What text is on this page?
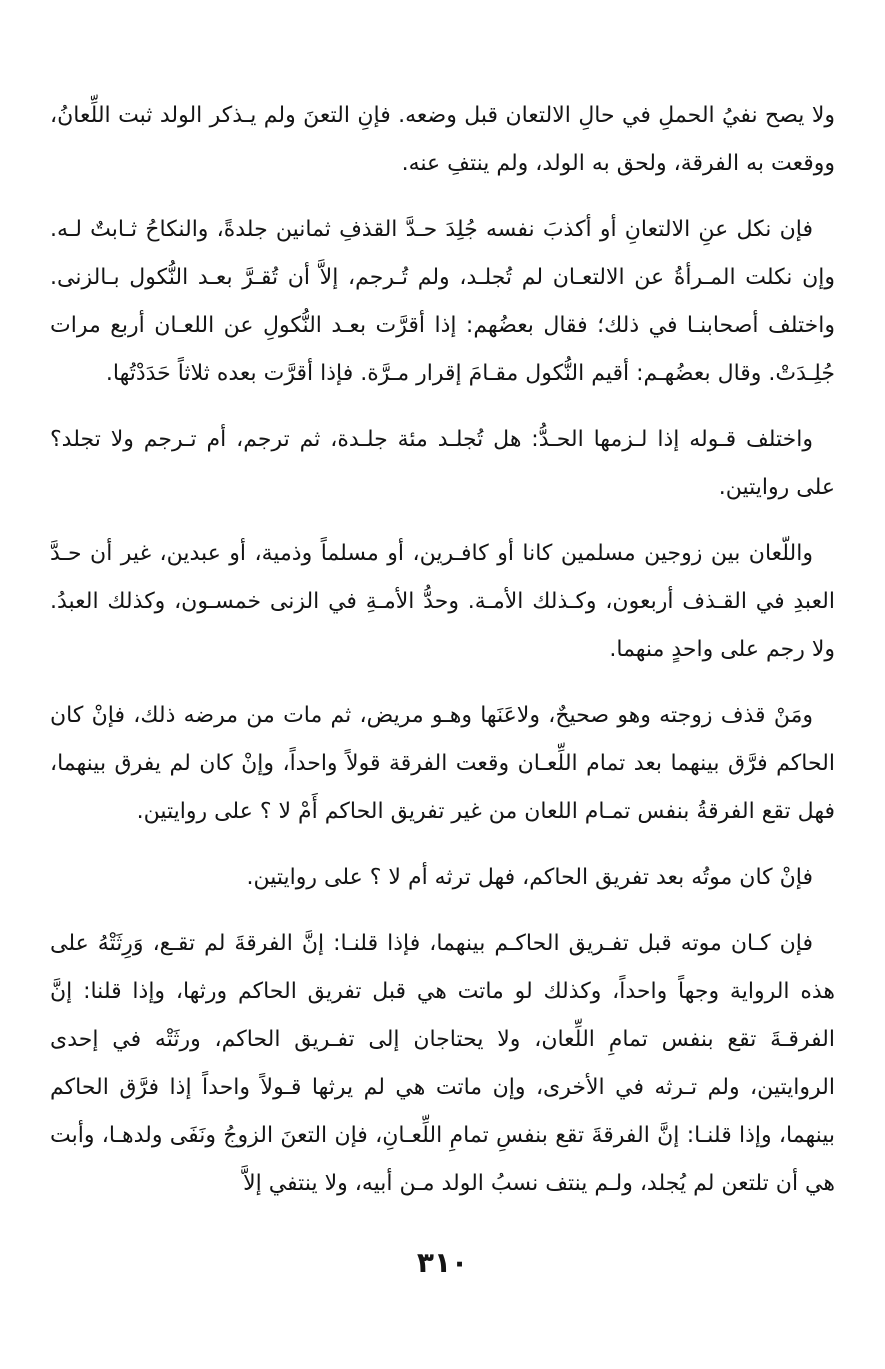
ولا يصح نفيُ الحملِ في حالِ الالتعان قبل وضعه. فإنِ التعنَ ولم يـذكر الولد ثبت اللِّعانُ، ووقعت به الفرقة، ولحق به الولد، ولم ينتفِ عنه.

فإن نكل عنِ الالتعانِ أو أكذبَ نفسه جُلِدَ حـدَّ القذفِ ثمانين جلدةً، والنكاحُ ثـابتٌ لـه. وإن نكلت المـرأةُ عن الالتعـان لم تُجلـد، ولم تُـرجم، إلاَّ أن تُقـرَّ بعـد النُّكول بـالزنى. واختلف أصحابنـا في ذلك؛ فقال بعضُهم: إذا أقرَّت بعـد النُّكولِ عن اللعـان أربع مرات جُلِـدَتْ. وقال بعضُهـم: أقيم النُّكول مقـامَ إقرار مـرَّة. فإذا أقرَّت بعده ثلاثاً حَدَدْتُها.

واختلف قـوله إذا لـزمها الحـدُّ: هل تُجلـد مئة جلـدة، ثم ترجم، أم تـرجم ولا تجلد؟ على روايتين.

واللّعان بين زوجين مسلمين كانا أو كافـرين، أو مسلماً وذمية، أو عبدين، غير أن حـدَّ العبدِ في القـذف أربعون، وكـذلك الأمـة. وحدُّ الأمـةِ في الزنى خمسـون، وكذلك العبدُ. ولا رجم على واحدٍ منهما.

ومَنْ قذف زوجته وهو صحيحٌ، ولاعَنَها وهـو مريض، ثم مات من مرضه ذلك، فإنْ كان الحاكم فرَّق بينهما بعد تمام اللِّعـان وقعت الفرقة قولاً واحداً، وإنْ كان لم يفرق بينهما، فهل تقع الفرقةُ بنفس تمـام اللعان من غير تفريق الحاكم أَمْ لا ؟ على روايتين.

فإنْ كان موتُه بعد تفريق الحاكم، فهل ترثه أم لا ؟ على روايتين.

فإن كـان موته قبل تفـريق الحاكـم بينهما، فإذا قلنـا: إنَّ الفرقةَ لم تقـع، وَرِثَتْهُ على هذه الرواية وجهاً واحداً، وكذلك لو ماتت هي قبل تفريق الحاكم ورثها، وإذا قلنا: إنَّ الفرقـةَ تقع بنفس تمامِ اللِّعان، ولا يحتاجان إلى تفـريق الحاكم، ورثَتْه في إحدى الروايتين، ولم تـرثه في الأخرى، وإن ماتت هي لم يرثها قـولاً واحداً إذا فرَّق الحاكم بينهما، وإذا قلنـا: إنَّ الفرقةَ تقع بنفسِ تمامِ اللِّعـانِ، فإن التعنَ الزوجُ ونَفَى ولدهـا، وأبت هي أن تلتعن لم يُجلد، ولـم ينتف نسبُ الولد مـن أبيه، ولا ينتفي إلاَّ

٣١٠
